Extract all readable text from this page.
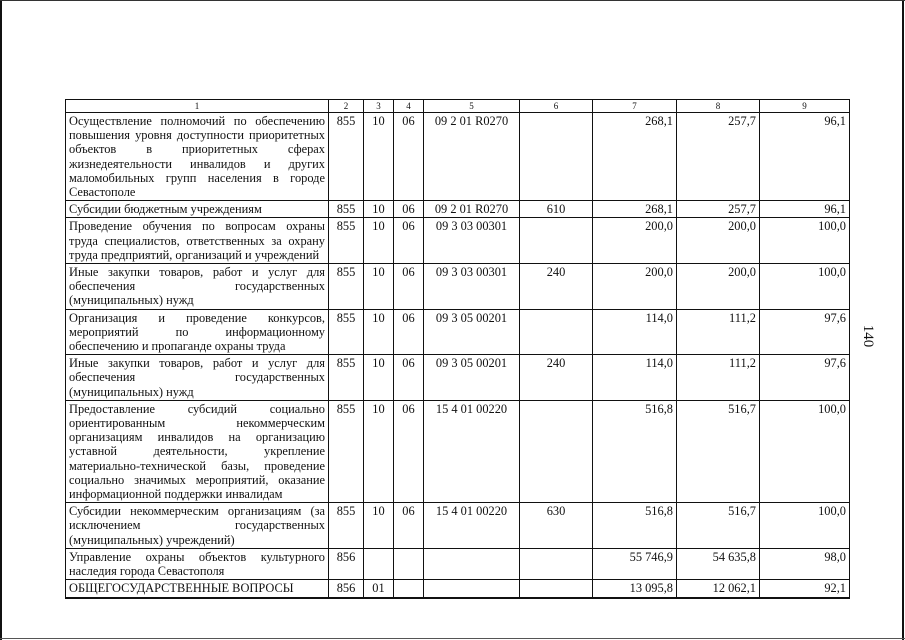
140
1	2	3	4	5	6	7	8	9
Осуществление полномочий по обеспечению повышения уровня доступности приоритетных объектов в приоритетных сферах жизнедеятельности инвалидов и других маломобильных групп населения в городе Севастополе	855	10	06	09 2 01 R0270		268,1	257,7	96,1
Субсидии бюджетным учреждениям	855	10	06	09 2 01 R0270	610	268,1	257,7	96,1
Проведение обучения по вопросам охраны труда специалистов, ответственных за охрану труда предприятий, организаций и учреждений	855	10	06	09 3 03 00301		200,0	200,0	100,0
Иные закупки товаров, работ и услуг для обеспечения государственных (муниципальных) нужд	855	10	06	09 3 03 00301	240	200,0	200,0	100,0
Организация и проведение конкурсов, мероприятий по информационному обеспечению и пропаганде охраны труда	855	10	06	09 3 05 00201		114,0	111,2	97,6
Иные закупки товаров, работ и услуг для обеспечения государственных (муниципальных) нужд	855	10	06	09 3 05 00201	240	114,0	111,2	97,6
Предоставление субсидий социально ориентированным некоммерческим организациям инвалидов на организацию уставной деятельности, укрепление материально-технической базы, проведение социально значимых мероприятий, оказание информационной поддержки инвалидам	855	10	06	15 4 01 00220		516,8	516,7	100,0
Субсидии некоммерческим организациям (за исключением государственных (муниципальных) учреждений)	855	10	06	15 4 01 00220	630	516,8	516,7	100,0
Управление охраны объектов культурного наследия города Севастополя	856					55 746,9	54 635,8	98,0
ОБЩЕГОСУДАРСТВЕННЫЕ ВОПРОСЫ	856	01				13 095,8	12 062,1	92,1
